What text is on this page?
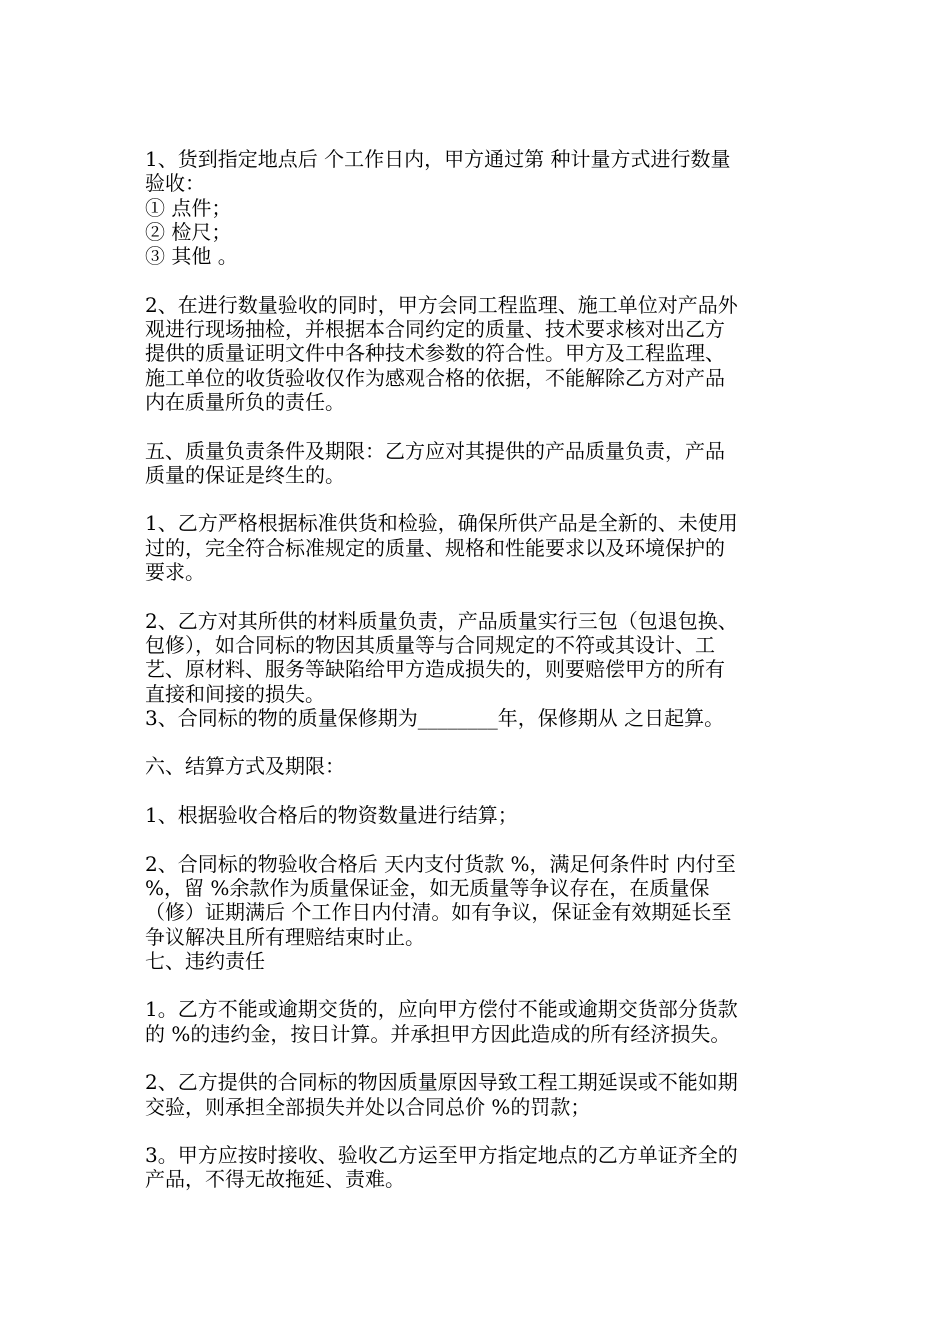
1、货到指定地点后 个工作日内，甲方通过第 种计量方式进行数量
验收：
① 点件；
② 检尺；
③ 其他 。
2、在进行数量验收的同时，甲方会同工程监理、施工单位对产品外
观进行现场抽检，并根据本合同约定的质量、技术要求核对出乙方
提供的质量证明文件中各种技术参数的符合性。甲方及工程监理、
施工单位的收货验收仅作为感观合格的依据，不能解除乙方对产品
内在质量所负的责任。
五、质量负责条件及期限：乙方应对其提供的产品质量负责，产品
质量的保证是终生的。
1、乙方严格根据标准供货和检验，确保所供产品是全新的、未使用
过的，完全符合标准规定的质量、规格和性能要求以及环境保护的
要求。
2、乙方对其所供的材料质量负责，产品质量实行三包（包退包换、
包修），如合同标的物因其质量等与合同规定的不符或其设计、工
艺、原材料、服务等缺陷给甲方造成损失的，则要赔偿甲方的所有
直接和间接的损失。
3、合同标的物的质量保修期为________年，保修期从 之日起算。
六、结算方式及期限：
1、根据验收合格后的物资数量进行结算；
2、合同标的物验收合格后 天内支付货款 %，满足何条件时 内付至
%，留 %余款作为质量保证金，如无质量等争议存在，在质量保
（修）证期满后 个工作日内付清。如有争议，保证金有效期延长至
争议解决且所有理赔结束时止。
七、违约责任
1。乙方不能或逾期交货的，应向甲方偿付不能或逾期交货部分货款
的 %的违约金，按日计算。并承担甲方因此造成的所有经济损失。
2、乙方提供的合同标的物因质量原因导致工程工期延误或不能如期
交验，则承担全部损失并处以合同总价 %的罚款；
3。甲方应按时接收、验收乙方运至甲方指定地点的乙方单证齐全的
产品，不得无故拖延、责难。
